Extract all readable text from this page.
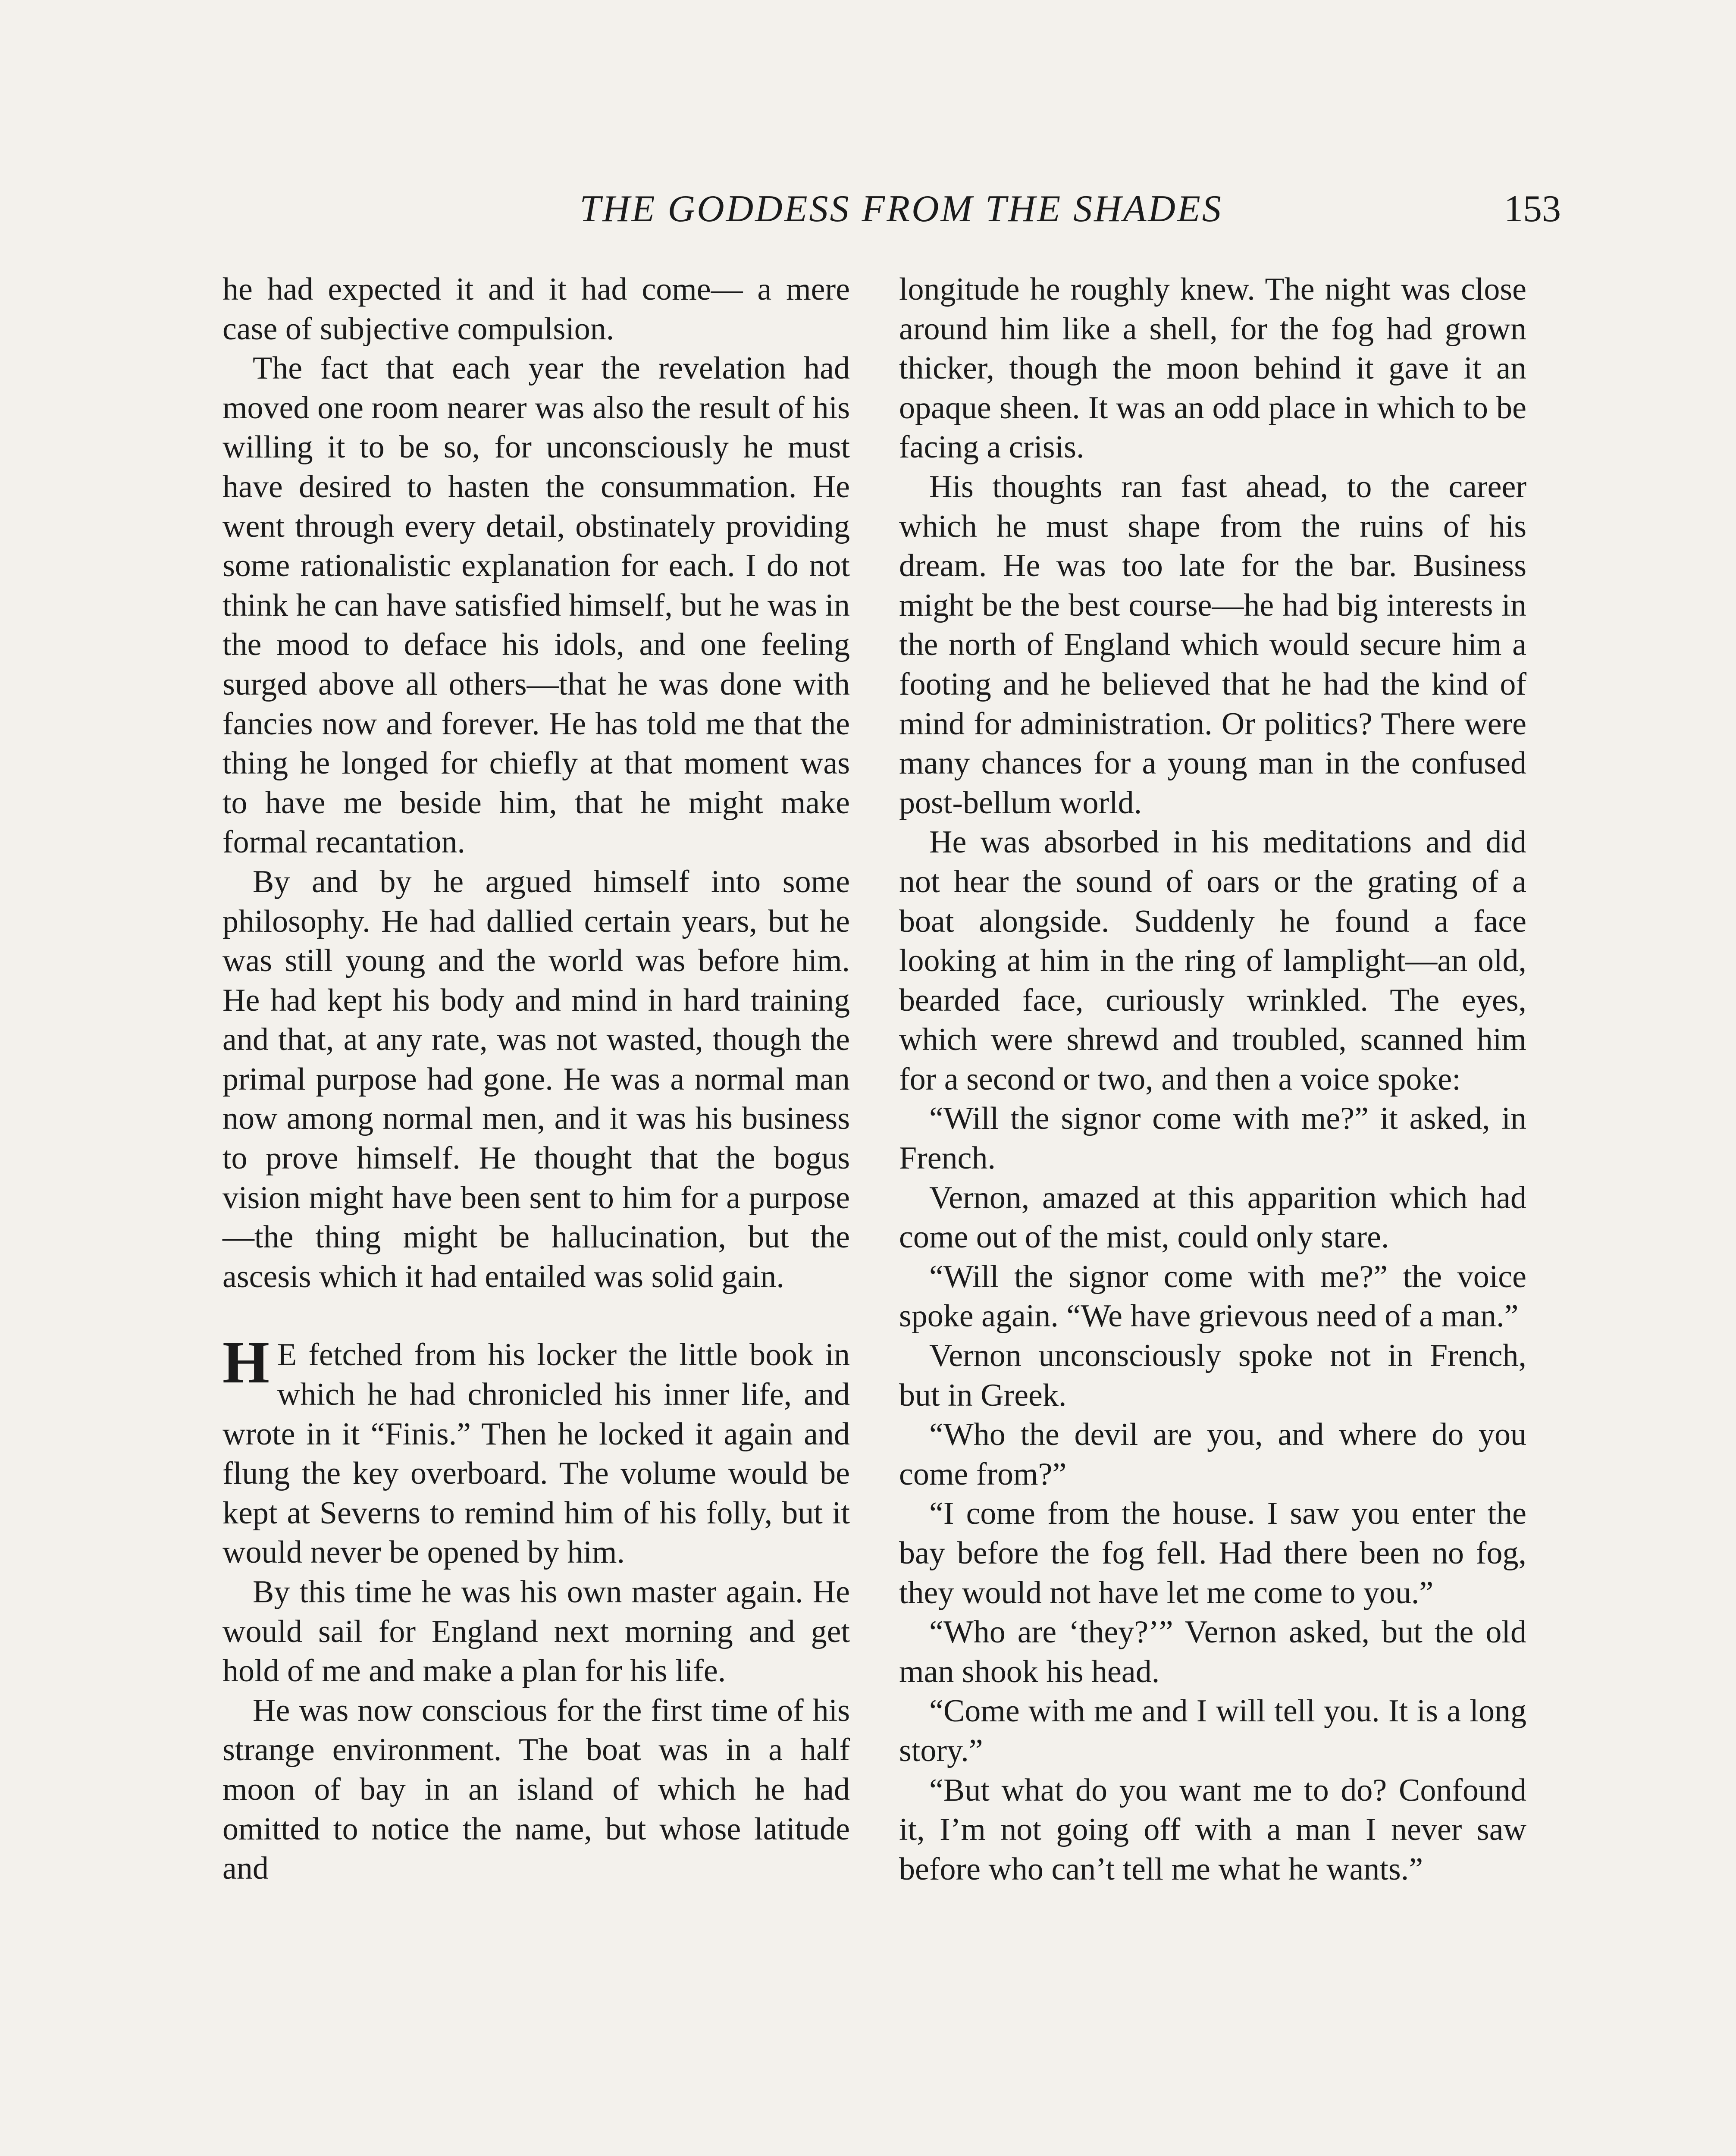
THE GODDESS FROM THE SHADES	153

he had expected it and it had come— a mere case of subjective compulsion.

The fact that each year the revelation had moved one room nearer was also the result of his willing it to be so, for unconsciously he must have desired to hasten the consummation. He went through every detail, obstinately providing some rationalistic explanation for each. I do not think he can have satisfied himself, but he was in the mood to deface his idols, and one feeling surged above all others—that he was done with fancies now and forever. He has told me that the thing he longed for chiefly at that moment was to have me beside him, that he might make formal recantation.

By and by he argued himself into some philosophy. He had dallied certain years, but he was still young and the world was before him. He had kept his body and mind in hard training and that, at any rate, was not wasted, though the primal purpose had gone. He was a normal man now among normal men, and it was his business to prove himself. He thought that the bogus vision might have been sent to him for a purpose—the thing might be hallucination, but the ascesis which it had entailed was solid gain.

H E fetched from his locker the little book in which he had chronicled his inner life, and wrote in it “Finis.” Then he locked it again and flung the key overboard. The volume would be kept at Severns to remind him of his folly, but it would never be opened by him.

By this time he was his own master again. He would sail for England next morning and get hold of me and make a plan for his life.

He was now conscious for the first time of his strange environment. The boat was in a half moon of bay in an island of which he had omitted to notice the name, but whose latitude and

longitude he roughly knew. The night was close around him like a shell, for the fog had grown thicker, though the moon behind it gave it an opaque sheen. It was an odd place in which to be facing a crisis.

His thoughts ran fast ahead, to the career which he must shape from the ruins of his dream. He was too late for the bar. Business might be the best course—he had big interests in the north of England which would secure him a footing and he believed that he had the kind of mind for administration. Or politics? There were many chances for a young man in the confused post-bellum world.

He was absorbed in his meditations and did not hear the sound of oars or the grating of a boat alongside. Suddenly he found a face looking at him in the ring of lamplight—an old, bearded face, curiously wrinkled. The eyes, which were shrewd and troubled, scanned him for a second or two, and then a voice spoke:

“Will the signor come with me?” it asked, in French.

Vernon, amazed at this apparition which had come out of the mist, could only stare.

“Will the signor come with me?” the voice spoke again. “We have grievous need of a man.”

Vernon unconsciously spoke not in French, but in Greek.

“Who the devil are you, and where do you come from?”

“I come from the house. I saw you enter the bay before the fog fell. Had there been no fog, they would not have let me come to you.”

“Who are ‘they?’” Vernon asked, but the old man shook his head.

“Come with me and I will tell you. It is a long story.”

“But what do you want me to do? Confound it, I’m not going off with a man I never saw before who can’t tell me what he wants.”
